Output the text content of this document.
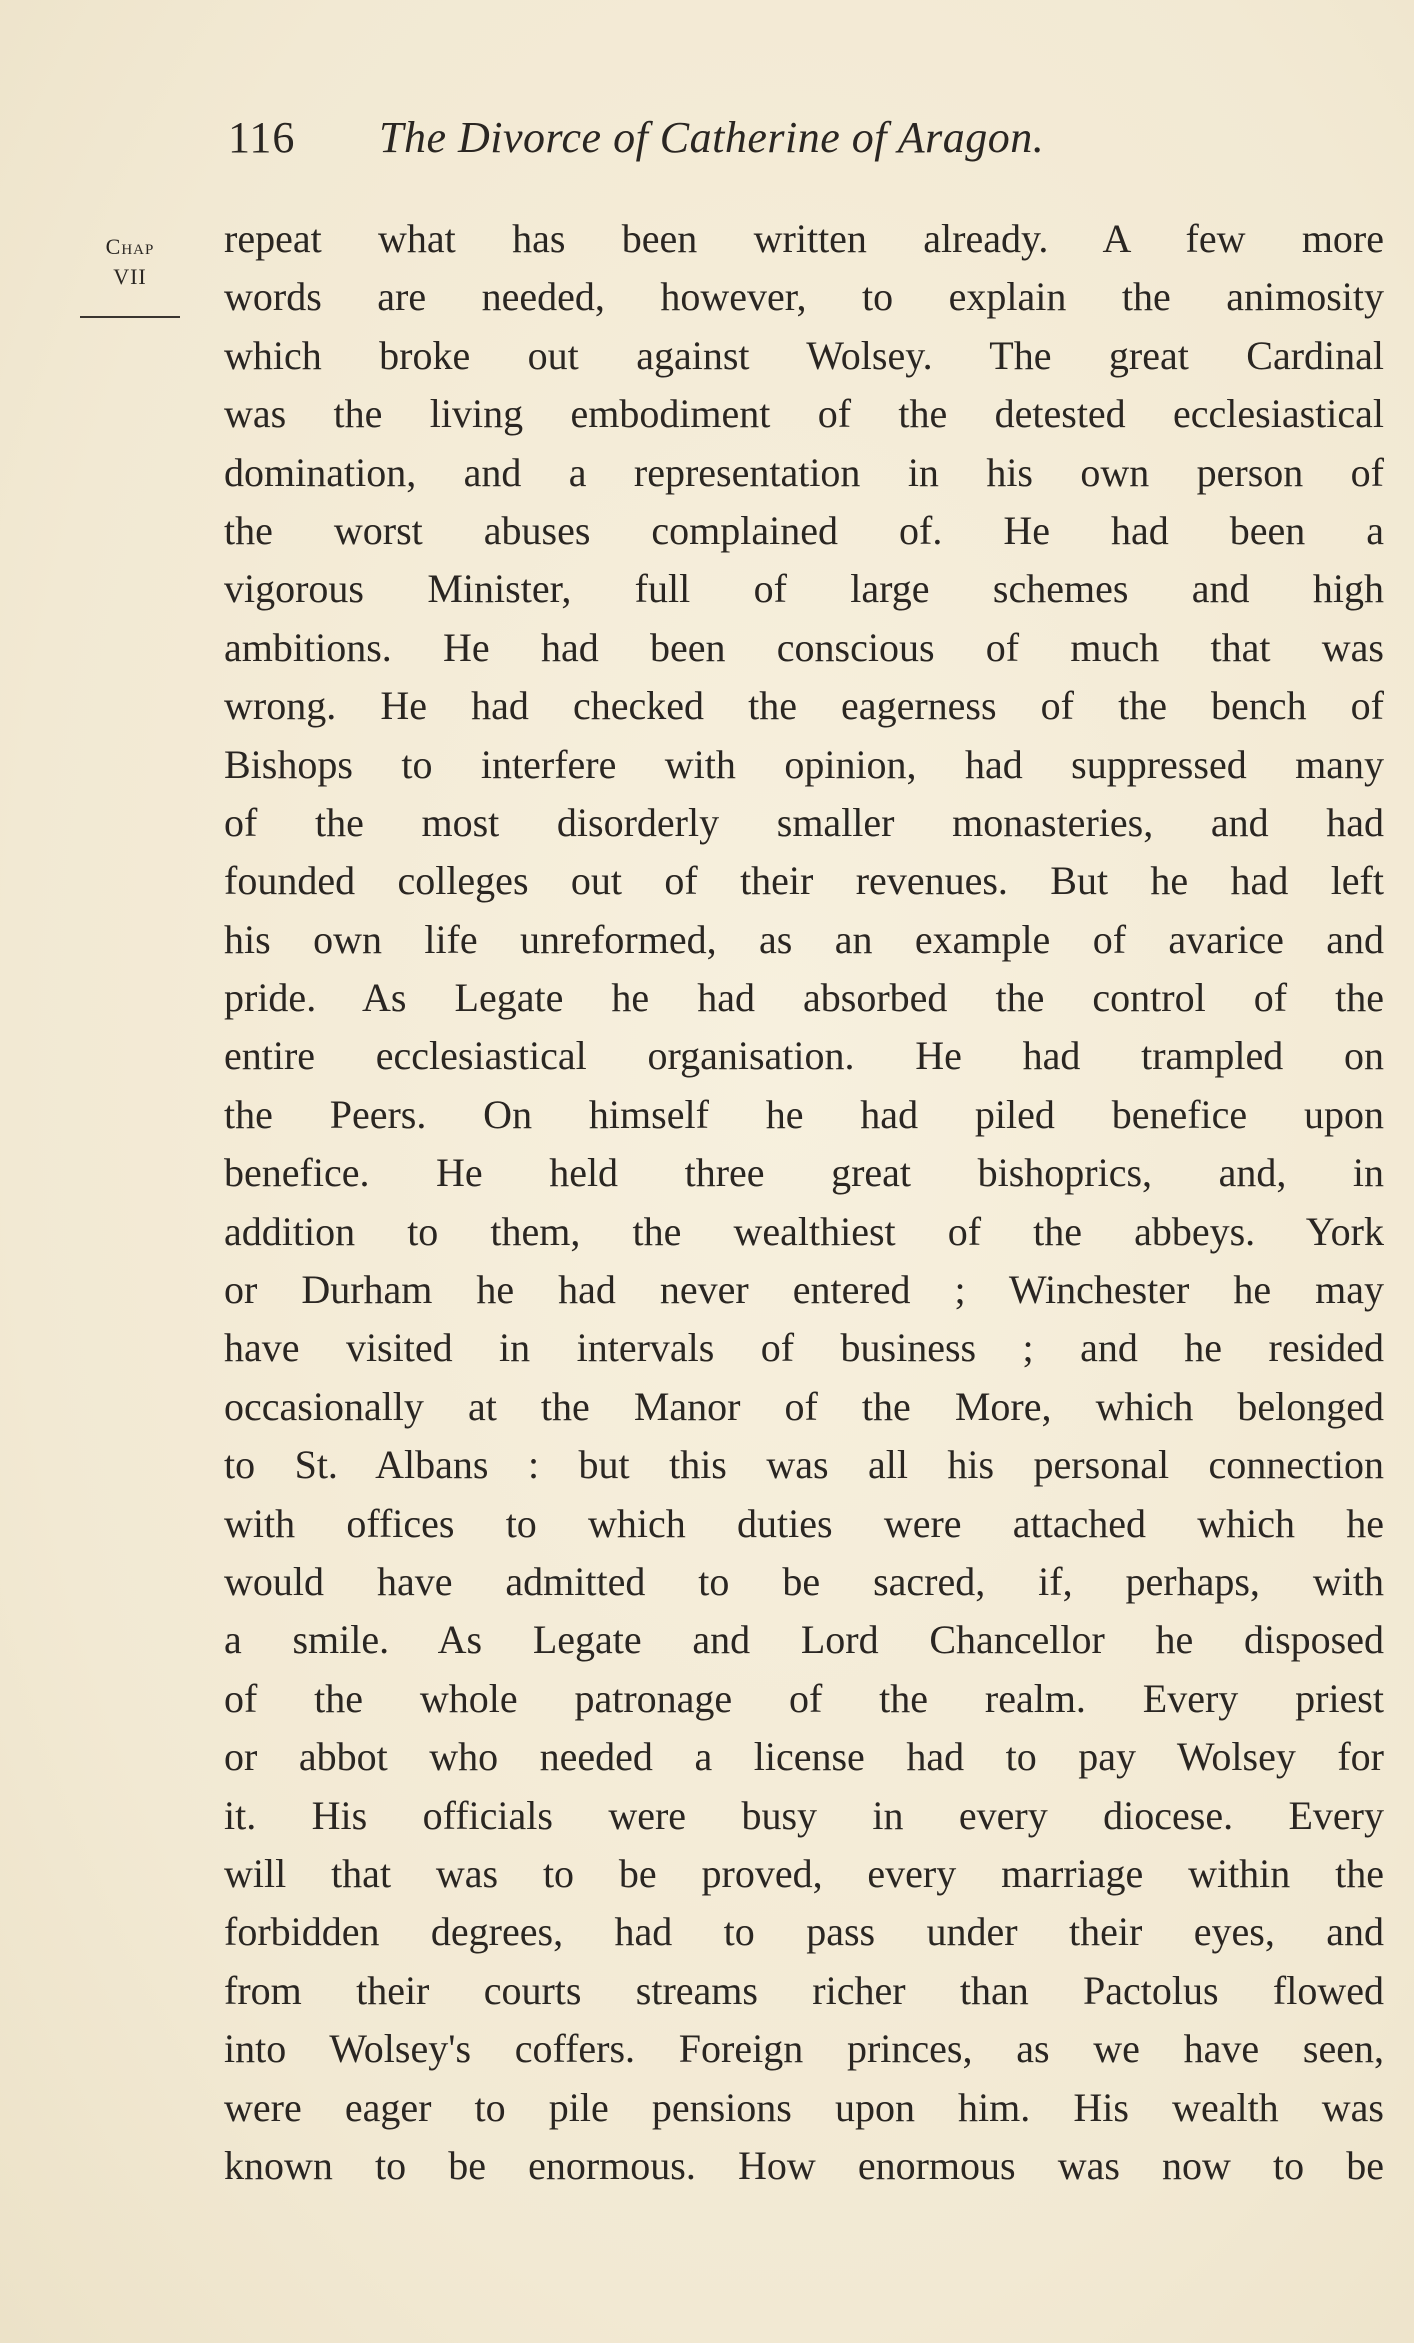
116 The Divorce of Catherine of Aragon.
Chap
VII
repeat what has been written already. A few more
words are needed, however, to explain the animosity
which broke out against Wolsey. The great Cardinal
was the living embodiment of the detested ecclesiastical
domination, and a representation in his own person of
the worst abuses complained of. He had been a
vigorous Minister, full of large schemes and high
ambitions. He had been conscious of much that was
wrong. He had checked the eagerness of the bench of
Bishops to interfere with opinion, had suppressed many
of the most disorderly smaller monasteries, and had
founded colleges out of their revenues. But he had left
his own life unreformed, as an example of avarice and
pride. As Legate he had absorbed the control of the
entire ecclesiastical organisation. He had trampled on
the Peers. On himself he had piled benefice upon
benefice. He held three great bishoprics, and, in
addition to them, the wealthiest of the abbeys. York
or Durham he had never entered ; Winchester he may
have visited in intervals of business ; and he resided
occasionally at the Manor of the More, which belonged
to St. Albans : but this was all his personal connection
with offices to which duties were attached which he
would have admitted to be sacred, if, perhaps, with
a smile. As Legate and Lord Chancellor he disposed
of the whole patronage of the realm. Every priest
or abbot who needed a license had to pay Wolsey for
it. His officials were busy in every diocese. Every
will that was to be proved, every marriage within the
forbidden degrees, had to pass under their eyes, and
from their courts streams richer than Pactolus flowed
into Wolsey's coffers. Foreign princes, as we have seen,
were eager to pile pensions upon him. His wealth was
known to be enormous. How enormous was now to be
